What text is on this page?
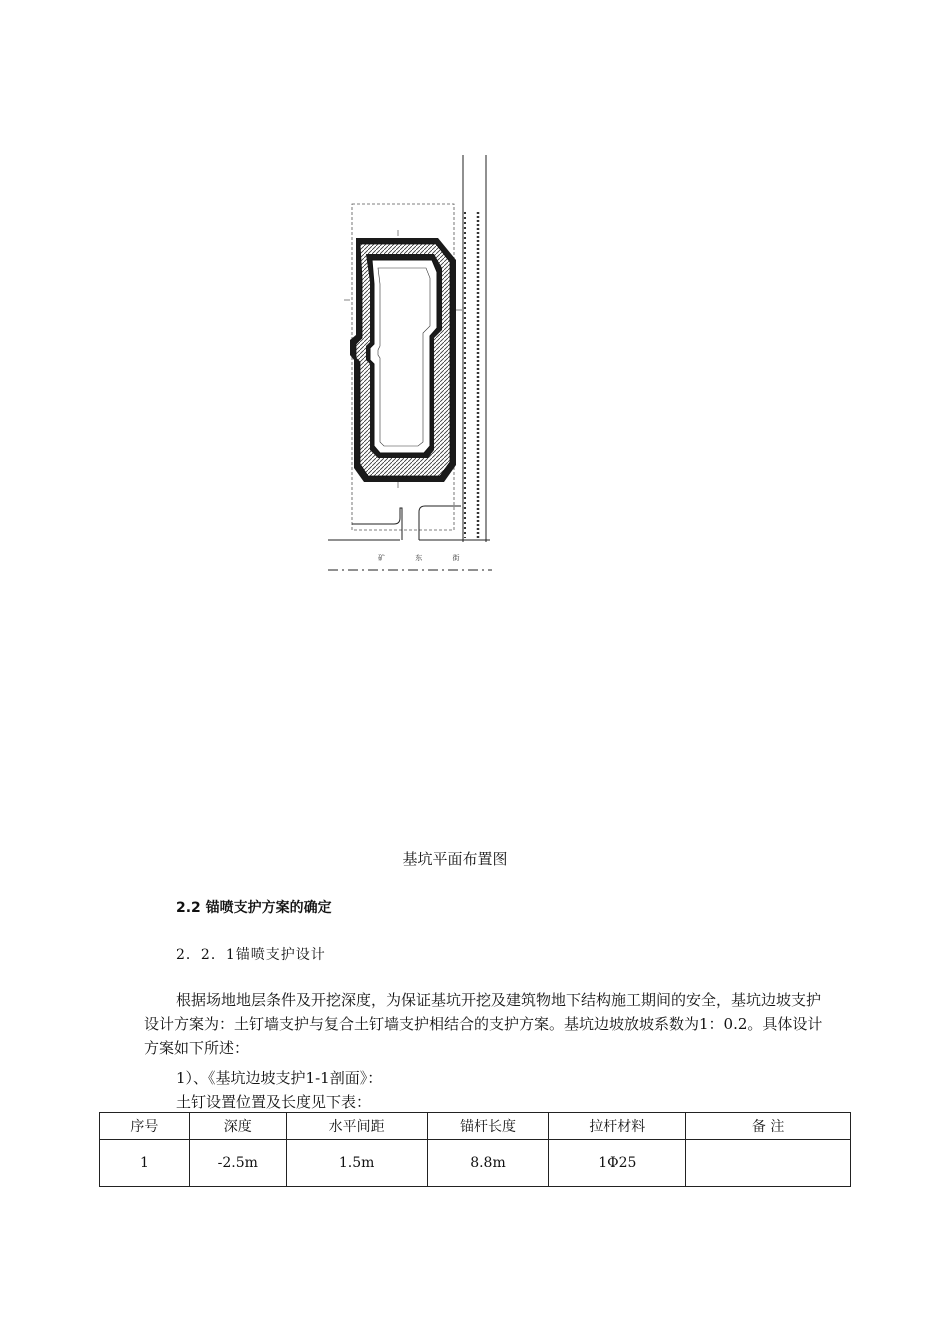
矿 东 街
基坑平面布置图
2.2 锚喷支护方案的确定
2．2．1锚喷支护设计

根据场地地层条件及开挖深度，为保证基坑开挖及建筑物地下结构施工期间的安全，基坑边坡支护设计方案为：土钉墙支护与复合土钉墙支护相结合的支护方案。基坑边坡放坡系数为1：0.2。具体设计方案如下所述：

1）、《基坑边坡支护1-1剖面》：
土钉设置位置及长度见下表：
序号	深度	水平间距	锚杆长度	拉杆材料	备 注
1	-2.5m	1.5m	8.8m	1Φ25	
